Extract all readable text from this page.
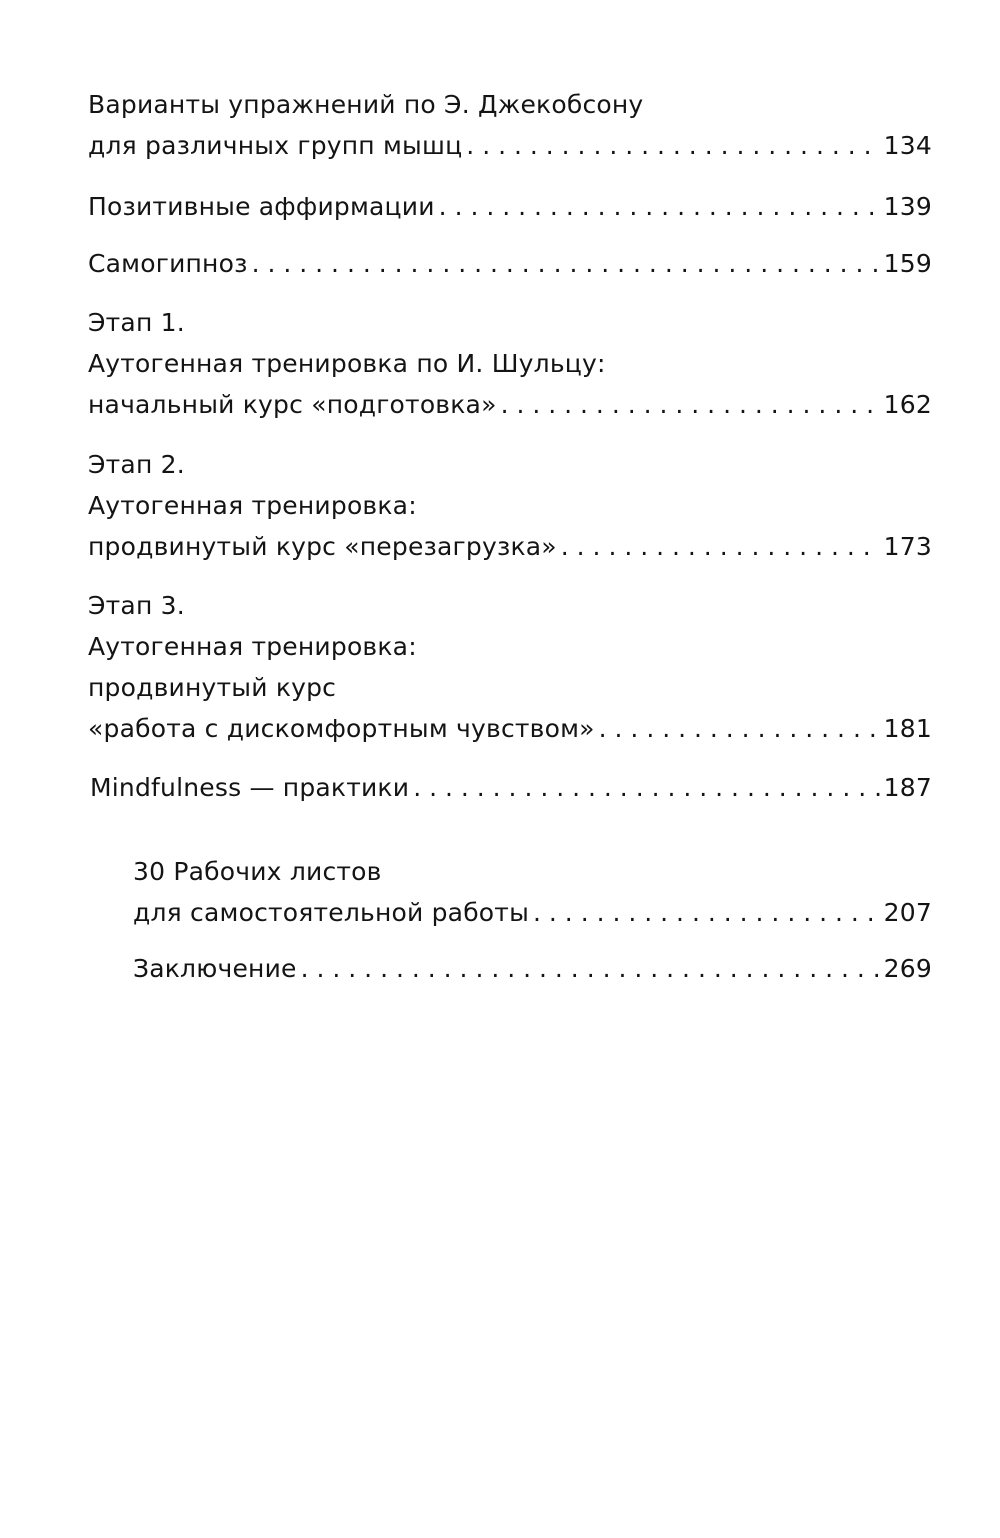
Варианты упражнений по Э. Джекобсону
для различных групп мышц . . .	134
Позитивные аффирмации . . .	139
Самогипноз . . .	159
Этап 1.
Аутогенная тренировка по И. Шульцу:
начальный курс «подготовка» . . .	162
Этап 2.
Аутогенная тренировка:
продвинутый курс «перезагрузка» . . .	173
Этап 3.
Аутогенная тренировка:
продвинутый курс
«работа с дискомфортным чувством» . . .	181
Mindfulness — практики . . .	187
30 Рабочих листов
для самостоятельной работы . . .	207
Заключение . . .	269
